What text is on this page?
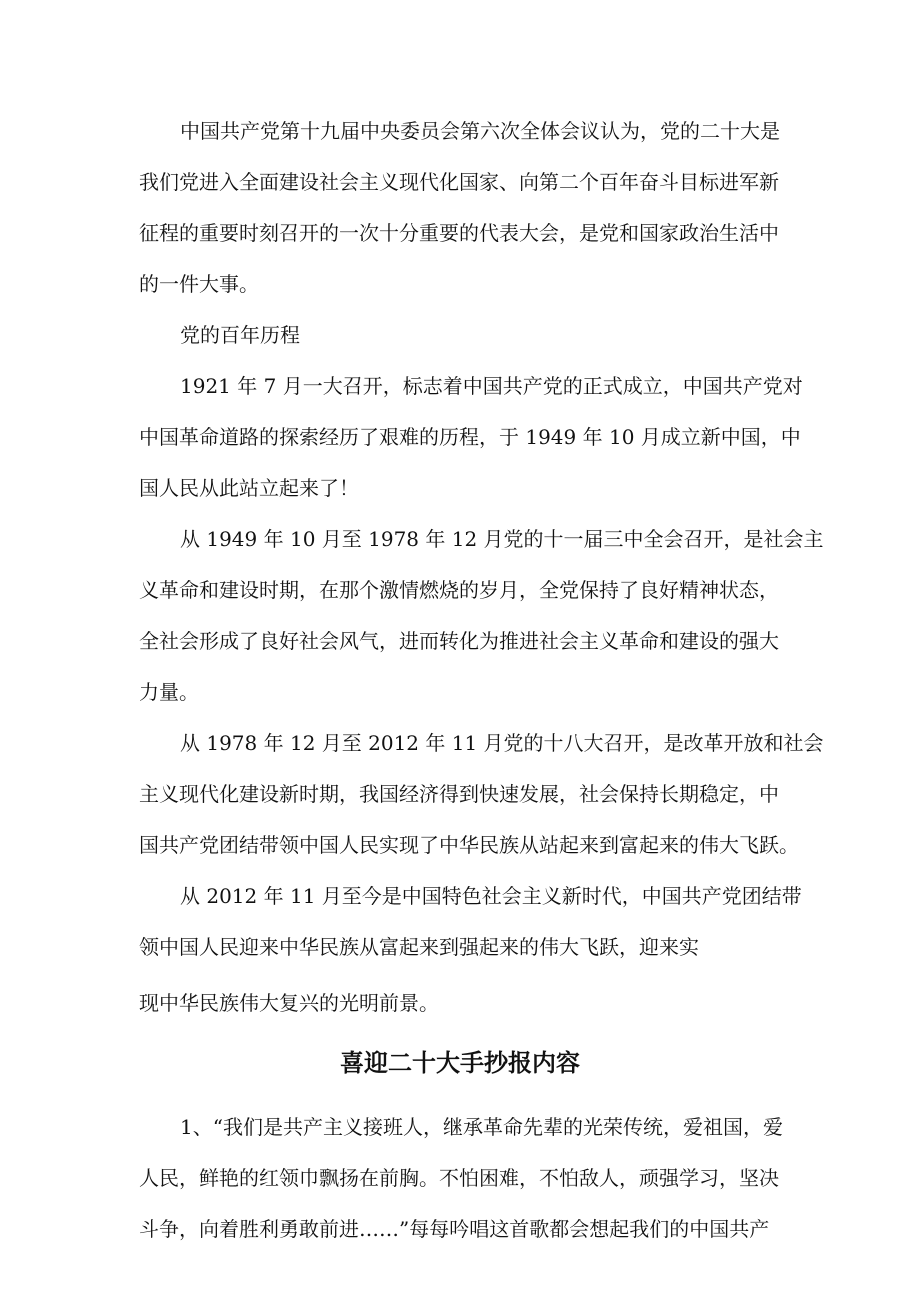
中国共产党第十九届中央委员会第六次全体会议认为，党的二十大是

我们党进入全面建设社会主义现代化国家、向第二个百年奋斗目标进军新

征程的重要时刻召开的一次十分重要的代表大会，是党和国家政治生活中

的一件大事。

党的百年历程

1921 年 7 月一大召开，标志着中国共产党的正式成立，中国共产党对

中国革命道路的探索经历了艰难的历程，于 1949 年 10 月成立新中国，中

国人民从此站立起来了！

从 1949 年 10 月至 1978 年 12 月党的十一届三中全会召开，是社会主

义革命和建设时期，在那个激情燃烧的岁月，全党保持了良好精神状态，

全社会形成了良好社会风气，进而转化为推进社会主义革命和建设的强大

力量。

从 1978 年 12 月至 2012 年 11 月党的十八大召开，是改革开放和社会

主义现代化建设新时期，我国经济得到快速发展，社会保持长期稳定，中

国共产党团结带领中国人民实现了中华民族从站起来到富起来的伟大飞跃。

从 2012 年 11 月至今是中国特色社会主义新时代，中国共产党团结带

领中国人民迎来中华民族从富起来到强起来的伟大飞跃，迎来实

现中华民族伟大复兴的光明前景。

喜迎二十大手抄报内容

1、“我们是共产主义接班人，继承革命先辈的光荣传统，爱祖国，爱

人民，鲜艳的红领巾飘扬在前胸。不怕困难，不怕敌人，顽强学习，坚决

斗争，向着胜利勇敢前进……”每每吟唱这首歌都会想起我们的中国共产
